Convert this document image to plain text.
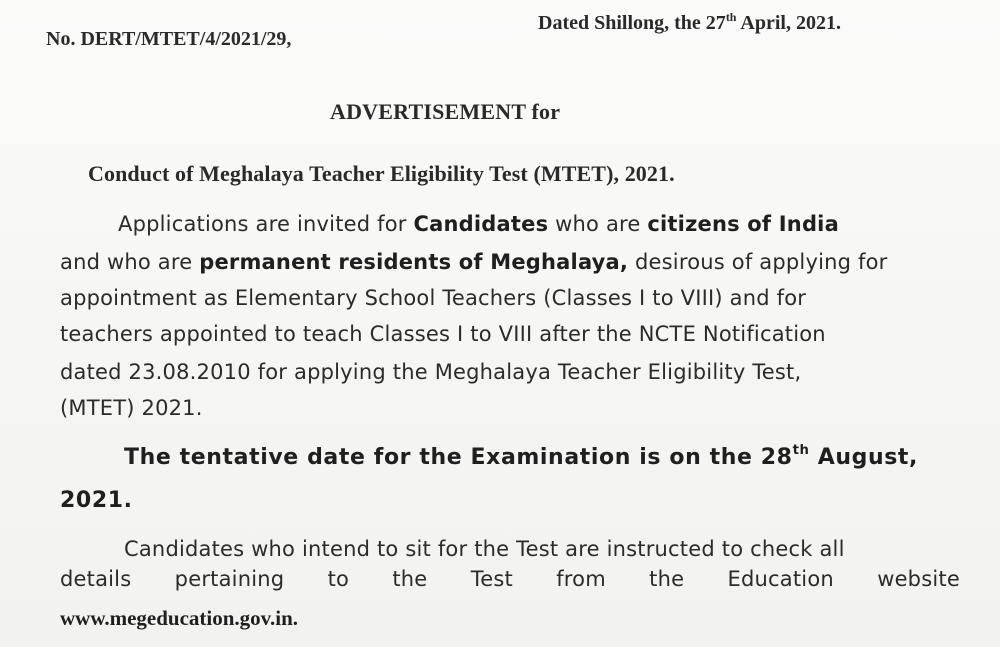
No. DERT/MTET/4/2021/29,

Dated Shillong, the 27th April, 2021.

ADVERTISEMENT for
Conduct of Meghalaya Teacher Eligibility Test (MTET), 2021.

Applications are invited for Candidates who are citizens of India

and who are permanent residents of Meghalaya, desirous of applying for

appointment as Elementary School Teachers (Classes I to VIII) and for

teachers appointed to teach Classes I to VIII after the NCTE Notification

dated 23.08.2010 for applying the Meghalaya Teacher Eligibility Test,

(MTET) 2021.

The tentative date for the Examination is on the 28th August,

2021.

Candidates who intend to sit for the Test are instructed to check all

details pertaining to the Test from the Education website

www.megeducation.gov.in.
